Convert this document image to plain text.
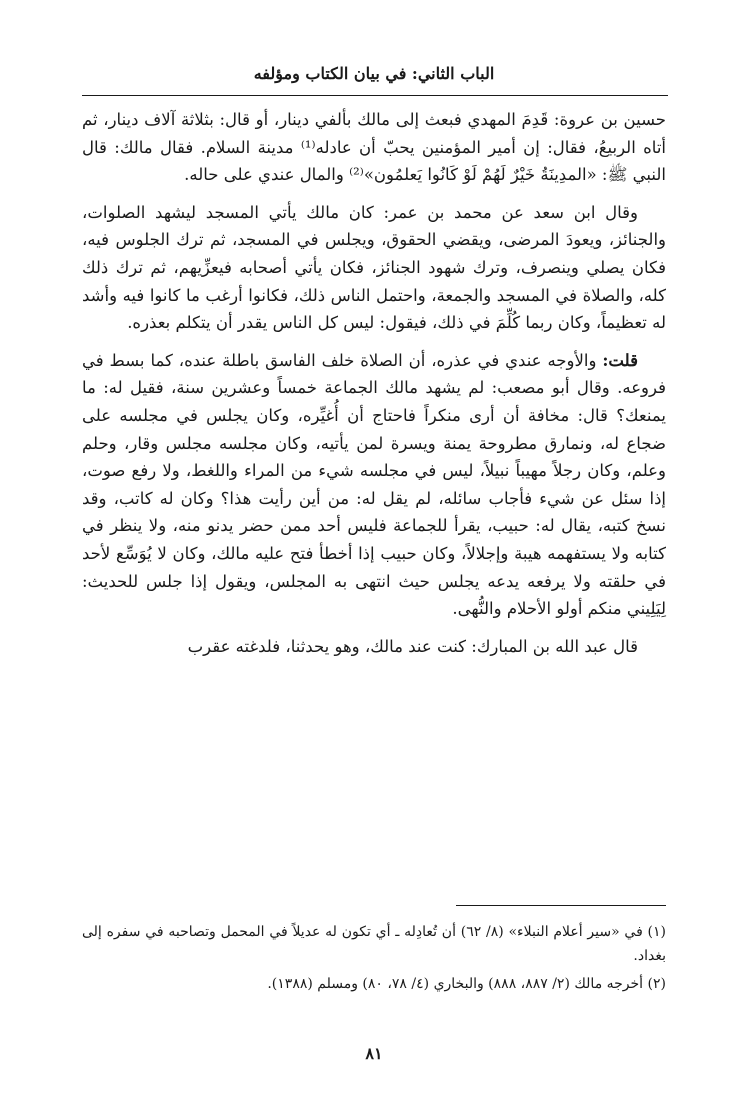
الباب الثاني: في بيان الكتاب ومؤلفه

حسين بن عروة: قَدِمَ المهدي فبعث إلى مالك بألفي دينار، أو قال: بثلاثة آلاف دينار، ثم أتاه الربيعُ، فقال: إن أمير المؤمنين يحبّ أن عادله⁽¹⁾ مدينة السلام. فقال مالك: قال النبي ﷺ: «المدِينَةُ خَيْرٌ لَهُمْ لَوْ كَانُوا يَعلمُون»⁽²⁾ والمال عندي على حاله.

وقال ابن سعد عن محمد بن عمر: كان مالك يأتي المسجد ليشهد الصلوات، والجنائز، ويعودَ المرضى، ويقضي الحقوق، ويجلس في المسجد، ثم ترك الجلوس فيه، فكان يصلي وينصرف، وترك شهود الجنائز، فكان يأتي أصحابه فيعزِّيهم، ثم ترك ذلك كله، والصلاة في المسجد والجمعة، واحتمل الناس ذلك، فكانوا أرغب ما كانوا فيه وأشد له تعظيماً، وكان ربما كُلِّمَ في ذلك، فيقول: ليس كل الناس يقدر أن يتكلم بعذره.

قلت: والأوجه عندي في عذره، أن الصلاة خلف الفاسق باطلة عنده، كما بسط في فروعه. وقال أبو مصعب: لم يشهد مالك الجماعة خمساً وعشرين سنة، فقيل له: ما يمنعك؟ قال: مخافة أن أرى منكراً فاحتاج أن أُغيِّره، وكان يجلس في مجلسه على ضجاع له، ونمارق مطروحة يمنة ويسرة لمن يأتيه، وكان مجلسه مجلس وقار، وحلم وعلم، وكان رجلاً مهيباً نبيلاً، ليس في مجلسه شيء من المراء واللغط، ولا رفع صوت، إذا سئل عن شيء فأجاب سائله، لم يقل له: من أين رأيت هذا؟ وكان له كاتب، وقد نسخ كتبه، يقال له: حبيب، يقرأ للجماعة فليس أحد ممن حضر يدنو منه، ولا ينظر في كتابه ولا يستفهمه هيبة وإجلالاً، وكان حبيب إذا أخطأ فتح عليه مالك، وكان لا يُوَسِّع لأحد في حلقته ولا يرفعه يدعه يجلس حيث انتهى به المجلس، ويقول إذا جلس للحديث: لِيَلِيني منكم أولو الأحلام والنُّهى.

قال عبد الله بن المبارك: كنت عند مالك، وهو يحدثنا، فلدغته عقرب

(١) في «سير أعلام النبلاء» (٨/ ٦٢) أن تُعادِله ـ أي تكون له عديلاً في المحمل وتصاحبه في سفره إلى بغداد.

(٢) أخرجه مالك (٢/ ٨٨٧، ٨٨٨) والبخاري (٤/ ٧٨، ٨٠) ومسلم (١٣٨٨).

٨١
